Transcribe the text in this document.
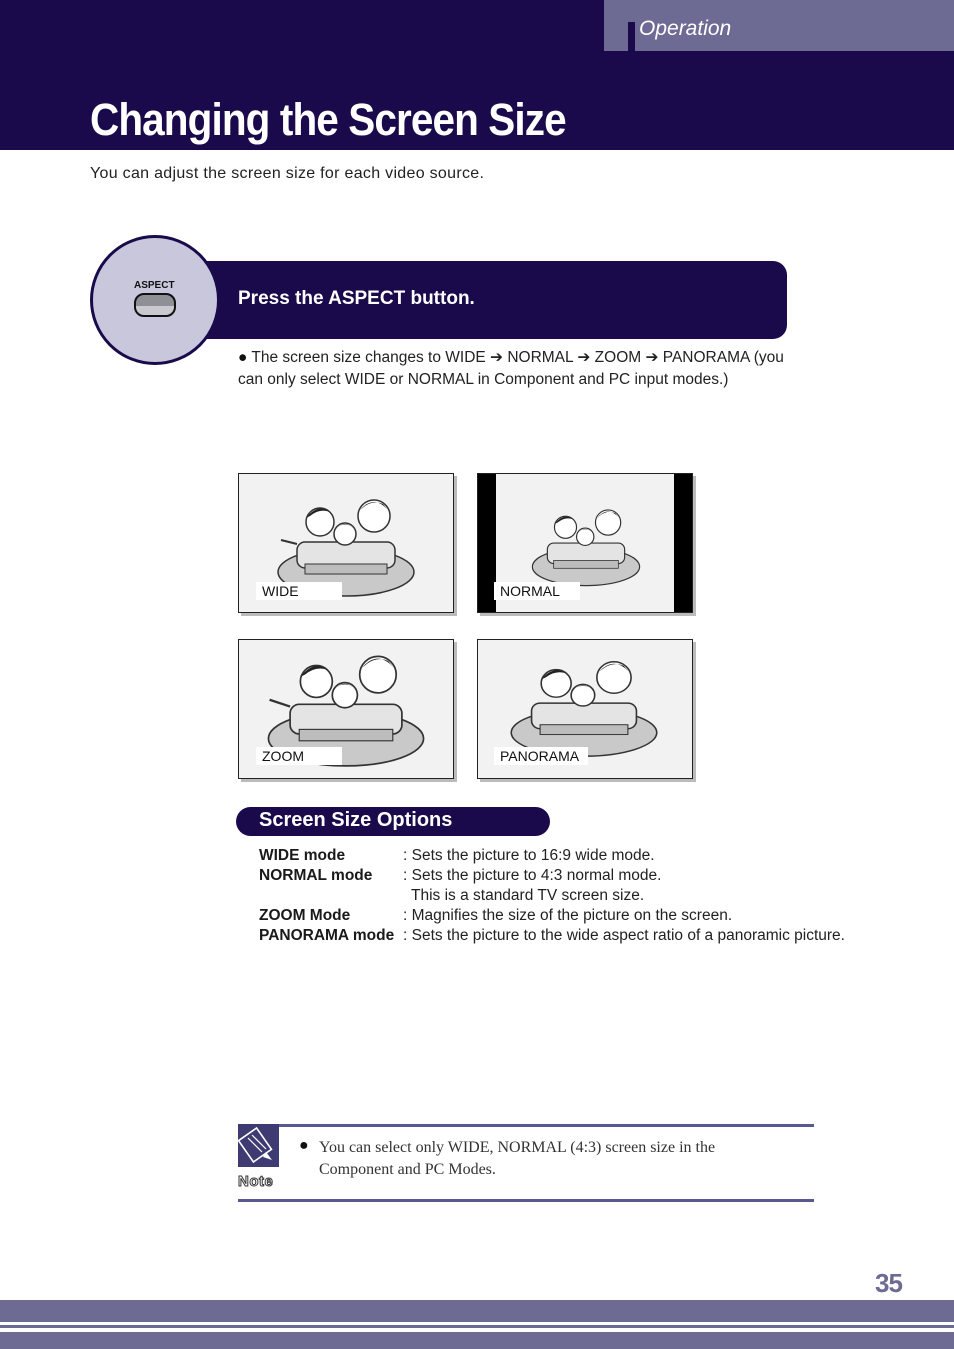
Operation
Changing the Screen Size
You can adjust the screen size for each video source.
ASPECT
Press the ASPECT button.
● The screen size changes to WIDE ➔ NORMAL ➔ ZOOM ➔ PANORAMA (you can only select WIDE or NORMAL in Component and PC input modes.)
WIDE	NORMAL
ZOOM	PANORAMA
Screen Size Options
WIDE mode	: Sets the picture to 16:9 wide mode.
NORMAL mode : Sets the picture to 4:3 normal mode.
This is a standard TV screen size.
ZOOM Mode	: Magnifies the size of the picture on the screen.
PANORAMA mode : Sets the picture to the wide aspect ratio of a panoramic picture.
Note
● You can select only WIDE, NORMAL (4:3) screen size in the Component and PC Modes.
35
